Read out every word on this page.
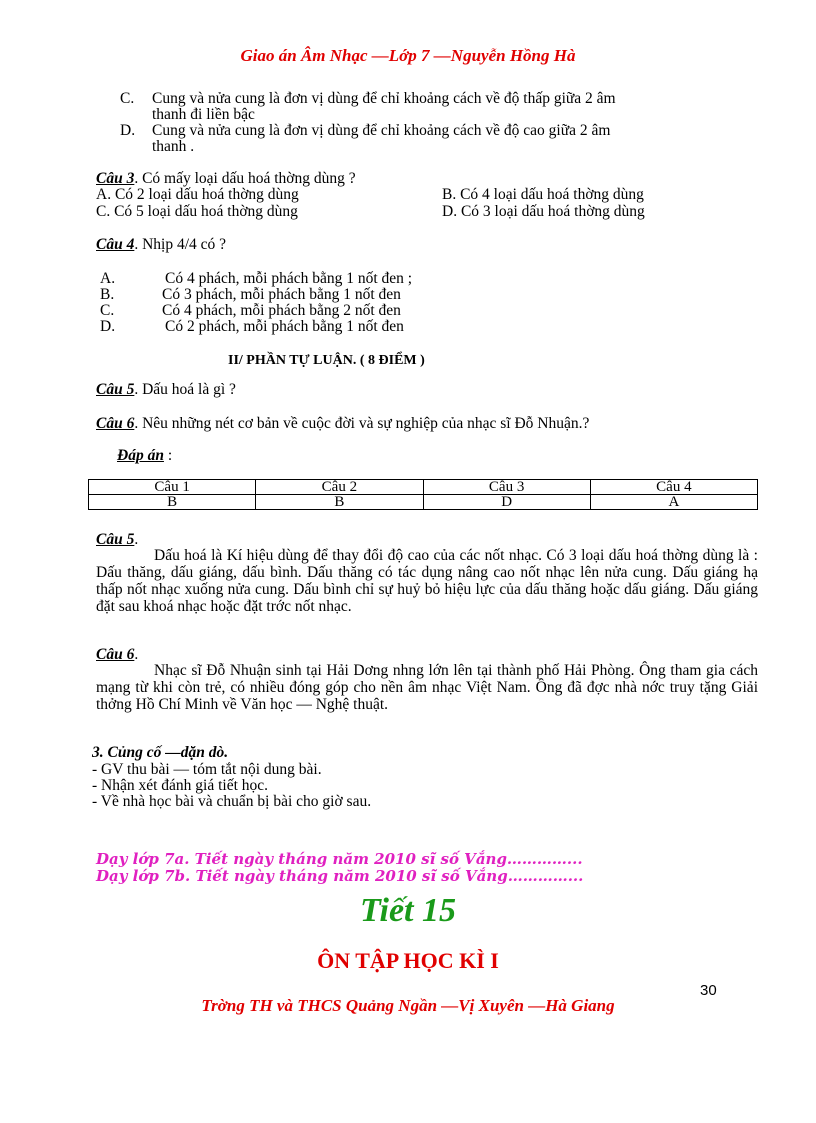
Giao án Âm Nhạc —Lớp 7 —Nguyễn Hồng Hà
C. Cung và nửa cung là đơn vị dùng để chỉ khoảng cách về độ thấp giữa 2 âm
thanh đi liền bậc
D. Cung và nửa cung là đơn vị dùng để chỉ khoảng cách về độ cao giữa 2 âm
thanh .
Câu 3. Có mấy loại dấu hoá thờng dùng ?
A. Có 2 loại dấu hoá thờng dùng	B. Có 4 loại dấu hoá thờng dùng
C. Có 5 loại dấu hoá thờng dùng	D. Có 3 loại dấu hoá thờng dùng
Câu 4. Nhịp 4/4 có ?
A.	Có 4 phách, mỗi phách bằng 1 nốt đen ;
B.	Có 3 phách, mỗi phách bằng 1 nốt đen
C.	Có 4 phách, mỗi phách bằng 2 nốt đen
D.	Có 2 phách, mỗi phách bằng 1 nốt đen
II/ PHẦN TỰ LUẬN. ( 8 ĐIỂM )
Câu 5. Dấu hoá là gì ?
Câu 6. Nêu những nét cơ bản về cuộc đời và sự nghiệp của nhạc sĩ Đỗ Nhuận.?
Đáp án :
Câu 1	Câu 2	Câu 3	Câu 4
B	B	D	A
Câu 5.
Dấu hoá là Kí hiệu dùng để thay đổi độ cao của các nốt nhạc. Có 3 loại dấu hoá thờng dùng là : Dấu thăng, dấu giáng, dấu bình. Dấu thăng có tác dụng nâng cao nốt nhạc lên nửa cung. Dấu giáng hạ thấp nốt nhạc xuống nửa cung. Dấu bình chỉ sự huỷ bỏ hiệu lực của dấu thăng hoặc dấu giáng. Dấu giáng đặt sau khoá nhạc hoặc đặt trớc nốt nhạc.
Câu 6.
Nhạc sĩ Đỗ Nhuận sinh tại Hải Dơng nhng lớn lên tại thành phố Hải Phòng. Ông tham gia cách mạng từ khi còn trẻ, có nhiều đóng góp cho nền âm nhạc Việt Nam. Ông đã đợc nhà nớc truy tặng Giải thởng Hồ Chí Minh về Văn học — Nghệ thuật.
3. Củng cố —dặn dò.
- GV thu bài — tóm tắt nội dung bài.
- Nhận xét đánh giá tiết học.
- Về nhà học bài và chuẩn bị bài cho giờ sau.
Dạy lớp 7a. Tiết ngày tháng năm 2010 sĩ số Vắng…………...
Dạy lớp 7b. Tiết ngày tháng năm 2010 sĩ số Vắng…………...
Tiết 15
ÔN TẬP HỌC KÌ I
30
Trờng TH và THCS Quảng Ngần —Vị Xuyên —Hà Giang
